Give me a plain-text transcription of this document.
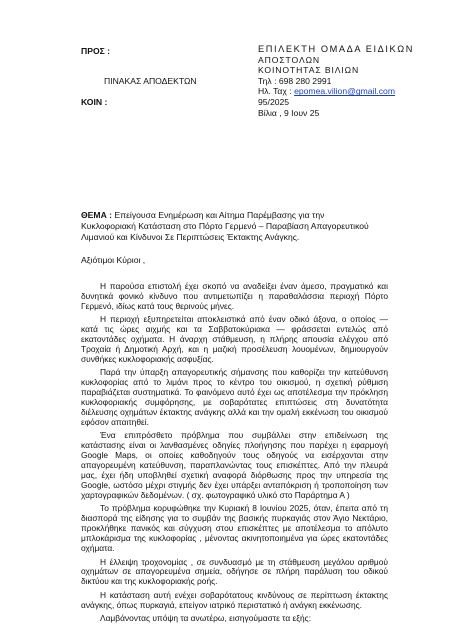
ΠΡΟΣ :
ΠΙΝΑΚΑΣ ΑΠΟΔΕΚΤΩΝ
ΚΟΙΝ :
ΕΠΙΛΕΚΤΗ ΟΜΑΔΑ ΕΙΔΙΚΩΝ
ΑΠΟΣΤΟΛΩΝ
ΚΟΙΝΟΤΗΤΑΣ ΒΙΛΙΩΝ
Τηλ : 698 280 2991
Ηλ. Ταχ : epomea.vilion@gmail.com
95/2025
Βίλια , 9 Ιουν 25
ΘΕΜΑ : Επείγουσα Ενημέρωση και Αίτημα Παρέμβασης για την Κυκλοφοριακή Κατάσταση στο Πόρτο Γερμενό – Παραβίαση Απαγορευτικού Λιμανιού και Κίνδυνοι Σε Περιπτώσεις Έκτακτης Ανάγκης.
Αξιότιμοι Κύριοι ,

Η παρούσα επιστολή έχει σκοπό να αναδείξει έναν άμεσο, πραγματικό και δυνητικά φονικό κίνδυνο που αντιμετωπίζει η παραθαλάσσια περιοχή Πόρτο Γερμενό, ιδίως κατά τους θερινούς μήνες.

Η περιοχή εξυπηρετείται αποκλειστικά από έναν οδικό άξονα, ο οποίος — κατά τις ώρες αιχμής και τα Σαββατοκύριακα — φράσσεται εντελώς από εκατοντάδες οχήματα. Η άναρχη στάθμευση, η πλήρης απουσία ελέγχου από Τροχαία ή Δημοτική Αρχή, και η μαζική προσέλευση λουομένων, δημιουργούν συνθήκες κυκλοφοριακής ασφυξίας.

Παρά την ύπαρξη απαγορευτικής σήμανσης που καθορίζει την κατεύθυνση κυκλοφορίας από το λιμάνι προς το κέντρο του οικισμού, η σχετική ρύθμιση παραβιάζεται συστηματικά. Το φαινόμενο αυτό έχει ως αποτέλεσμα την πρόκληση κυκλοφοριακής συμφόρησης, με σοβαρότατες επιπτώσεις στη δυνατότητα διέλευσης οχημάτων έκτακτης ανάγκης αλλά και την ομαλή εκκένωση του οικισμού εφόσον απαιτηθεί.

Ένα επιπρόσθετο πρόβλημα που συμβάλλει στην επιδείνωση της κατάστασης είναι οι λανθασμένες οδηγίες πλοήγησης που παρέχει η εφαρμογή Google Maps, οι οποίες καθοδηγούν τους οδηγούς να εισέρχονται στην απαγορευμένη κατεύθυνση, παραπλανώντας τους επισκέπτες. Από την πλευρά μας, έχει ήδη υποβληθεί σχετική αναφορά διόρθωσης προς την υπηρεσία της Google, ωστόσο μέχρι στιγμής δεν έχει υπάρξει ανταπόκριση ή τροποποίηση των χαρτογραφικών δεδομένων. ( σχ. φωτογραφικό υλικό στο Παράρτημα Α )

Το πρόβλημα κορυφώθηκε την Κυριακή 8 Ιουνίου 2025, όταν, έπειτα από τη διασπορά της είδησης για το συμβάν της βασικής πυρκαγιάς στον Άγιο Νεκτάριο, προκλήθηκε πανικός και σύγχυση στου επισκέπτες με αποτέλεσμα το απόλυτο μπλοκάρισμα της κυκλοφορίας , μένοντας ακινητοποιημένα για ώρες εκατοντάδες οχήματα.

Η έλλειψη τροχονομίας , σε συνδυασμό με τη στάθμευση μεγάλου αριθμού οχημάτων σε απαγορευμένα σημεία, οδήγησε σε πλήρη παράλυση του οδικού δικτύου και της κυκλοφοριακής ροής.

Η κατάσταση αυτή ενέχει σοβαρότατους κινδύνους σε περίπτωση έκτακτης ανάγκης, όπως πυρκαγιά, επείγον ιατρικό περιστατικό ή ανάγκη εκκένωσης.

Λαμβάνοντας υπόψη τα ανωτέρω, εισηγούμαστε τα εξής:
